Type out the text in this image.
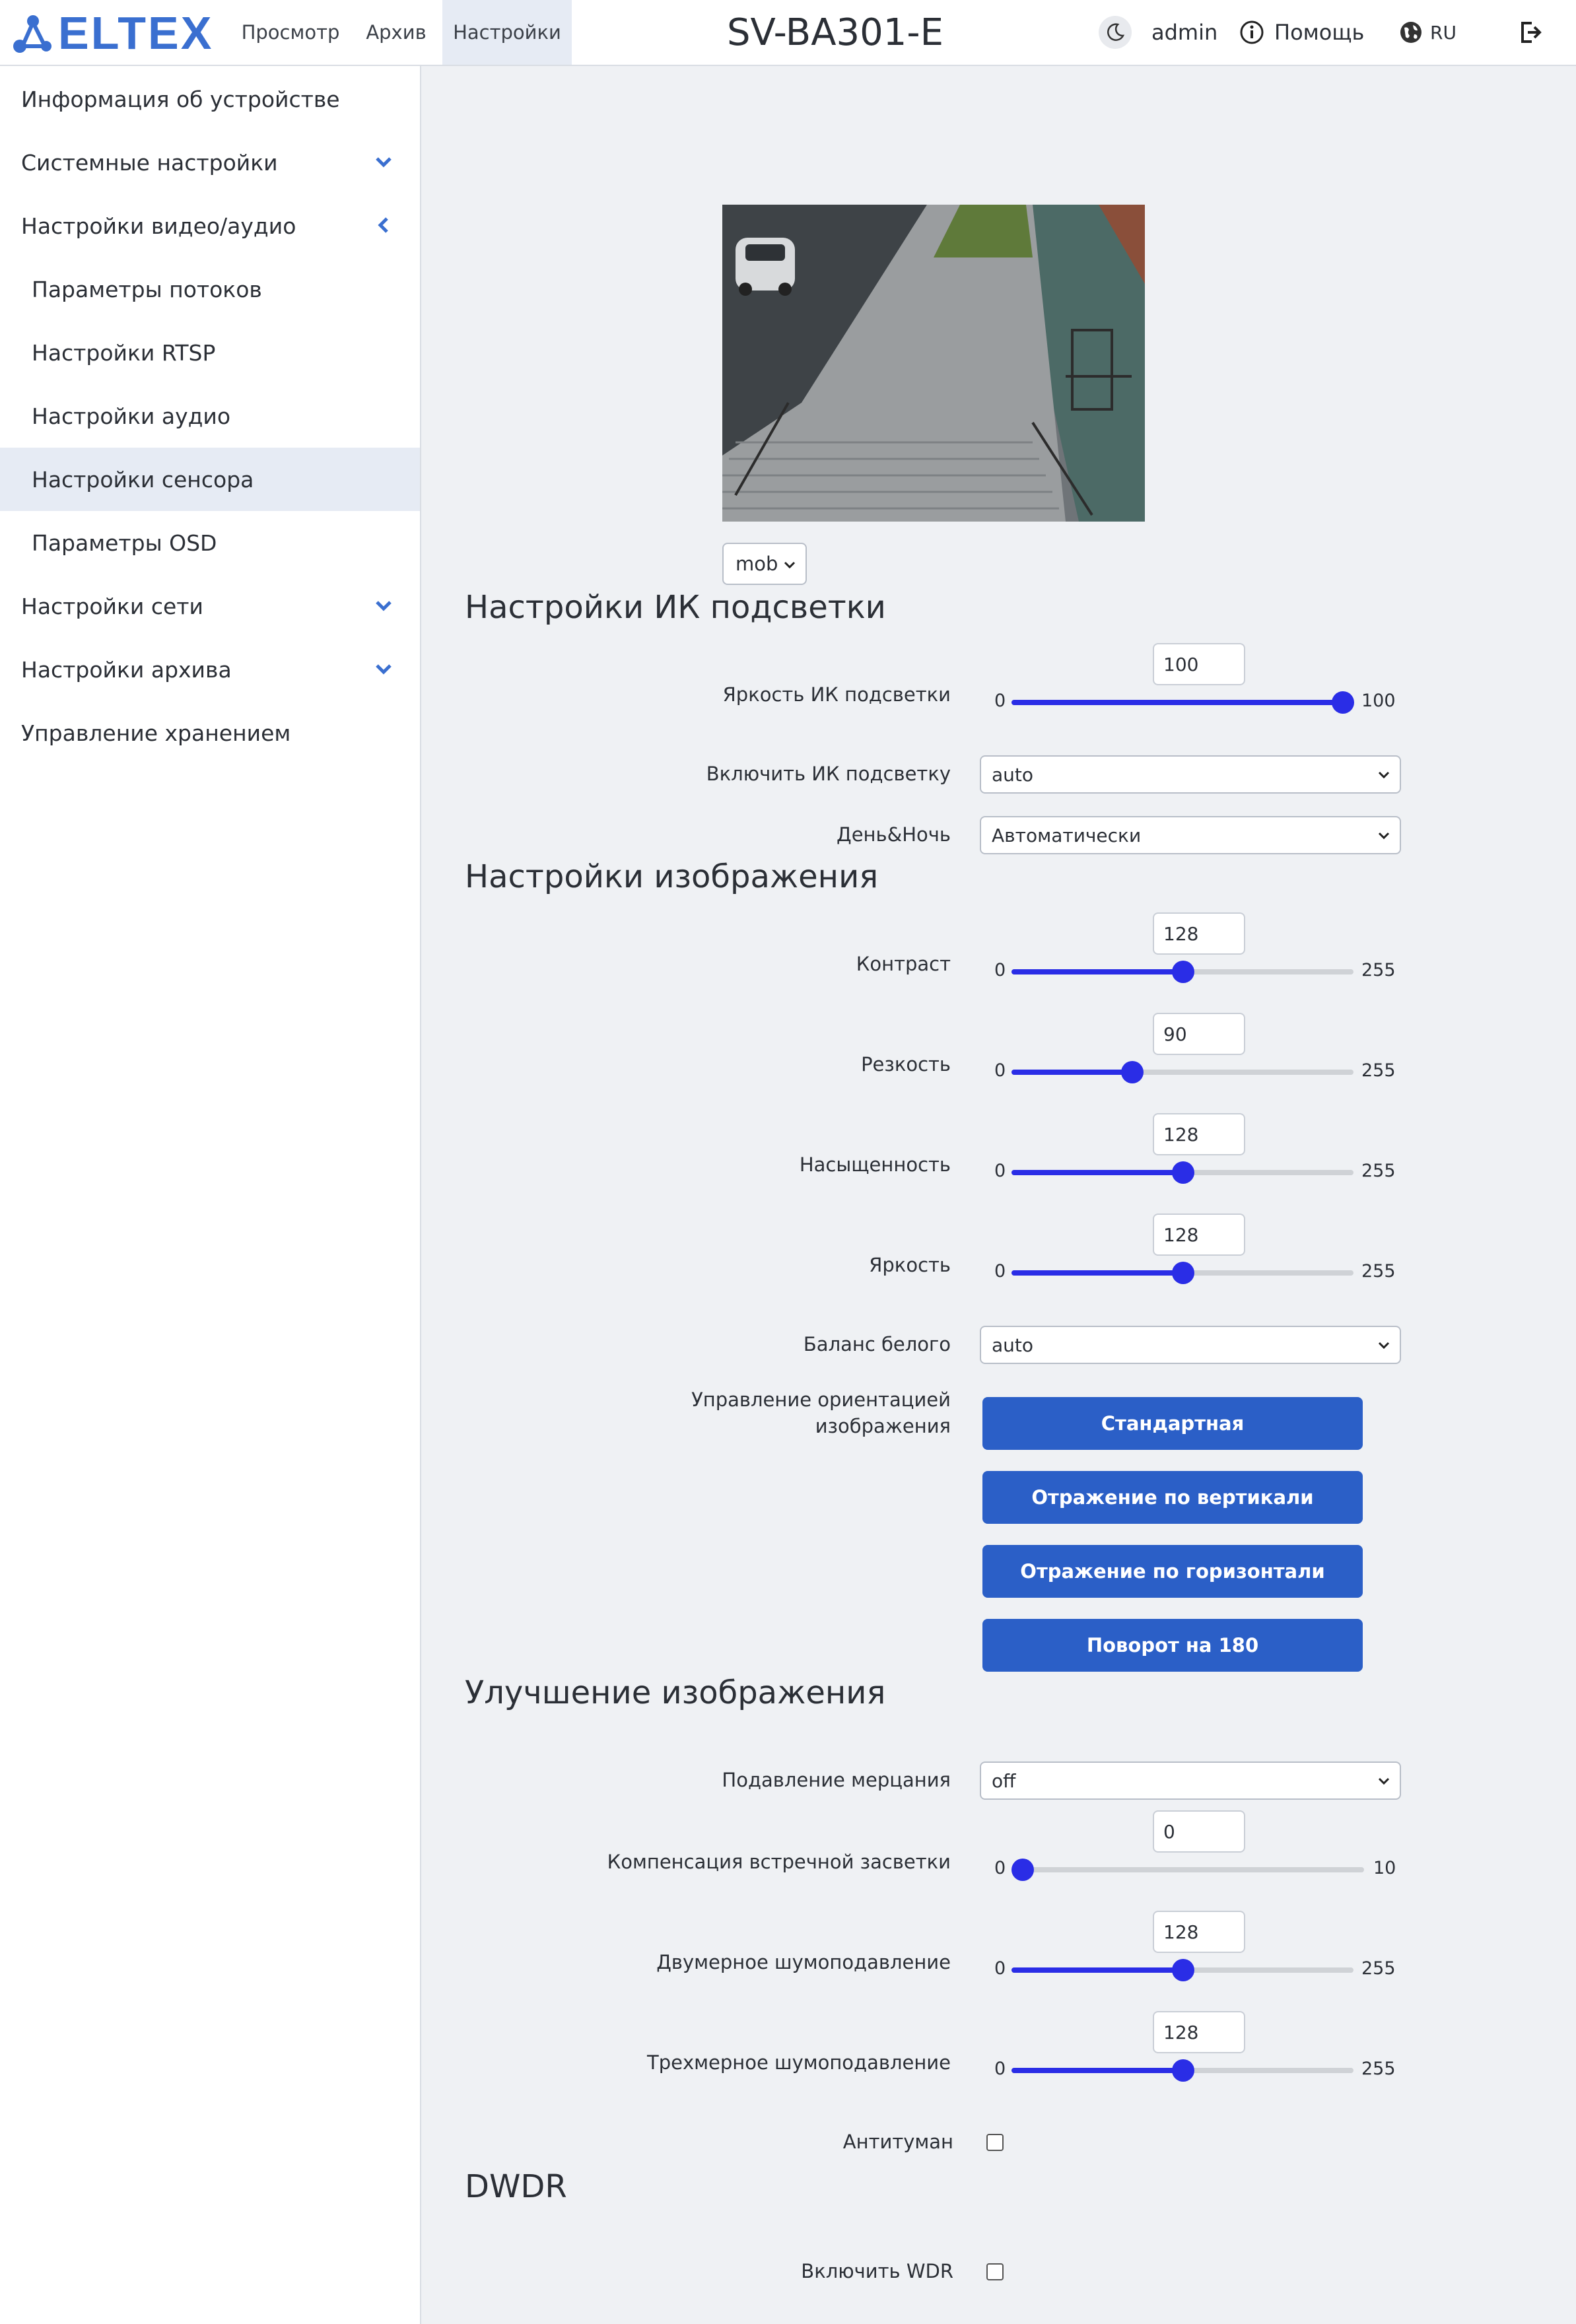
ELTEX	Просмотр	Архив	Настройки	SV-BA301-E	admin	Помощь	RU
Информация об устройстве
Системные настройки
Настройки видео/аудио
Параметры потоков
Настройки RTSP
Настройки аудио
Настройки сенсора
Параметры OSD
Настройки сети
Настройки архива
Управление хранением
mob
Настройки ИК подсветки
Яркость ИК подсветки
100
0	100
Включить ИК подсветку auto
День&Ночь Автоматически
Настройки изображения
Контраст
128
0	255
Резкость
90
0	255
Насыщенность
128
0	255
Яркость
128
0	255
Баланс белого auto
Управление ориентацией
изображения	Стандартная
Отражение по вертикали
Отражение по горизонтали
Поворот на 180
Улучшение изображения
Подавление мерцания off
Компенсация встречной засветки
0
0	10
Двумерное шумоподавление
128
0	255
Трехмерное шумоподавление
128
0	255
Антитуман
DWDR
Включить WDR
